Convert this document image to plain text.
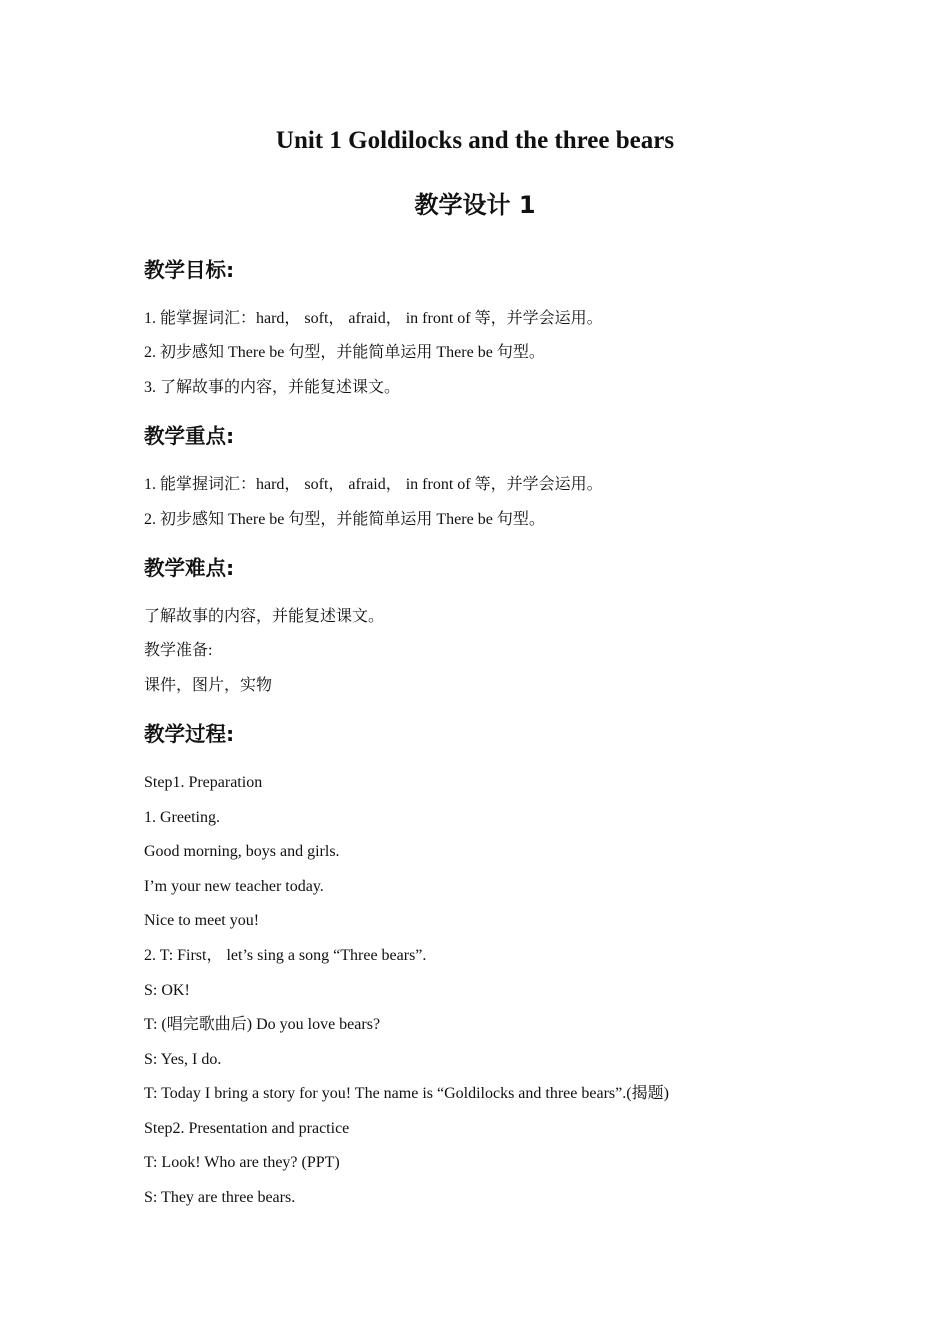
Unit 1 Goldilocks and the three bears
教学设计 1
教学目标:
1. 能掌握词汇：hard， soft， afraid， in front of 等，并学会运用。
2. 初步感知 There be 句型，并能简单运用 There be 句型。
3. 了解故事的内容，并能复述课文。
教学重点:
1. 能掌握词汇：hard， soft， afraid， in front of 等，并学会运用。
2. 初步感知 There be 句型，并能简单运用 There be 句型。
教学难点:
了解故事的内容，并能复述课文。
教学准备:
课件，图片，实物
教学过程:
Step1. Preparation
1. Greeting.
Good morning, boys and girls.
I’m your new teacher today.
Nice to meet you!
2. T: First， let’s sing a song “Three bears”.
S: OK!
T: (唱完歌曲后) Do you love bears?
S: Yes, I do.
T: Today I bring a story for you! The name is “Goldilocks and three bears”.(揭题)
Step2. Presentation and practice
T: Look! Who are they? (PPT)
S: They are three bears.
